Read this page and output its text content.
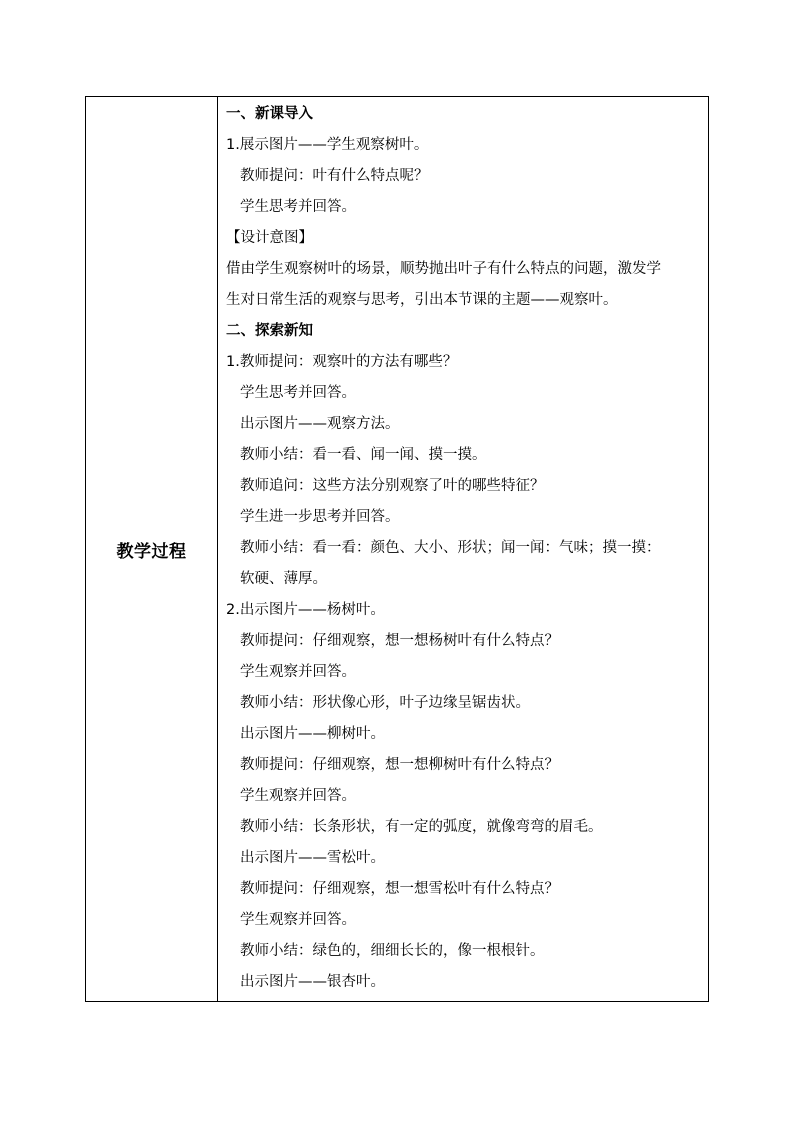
教学过程	
一、新课导入
1.展示图片——学生观察树叶。
教师提问：叶有什么特点呢？
学生思考并回答。
【设计意图】
借由学生观察树叶的场景，顺势抛出叶子有什么特点的问题，激发学
生对日常生活的观察与思考，引出本节课的主题——观察叶。
二、探索新知
1.教师提问：观察叶的方法有哪些？
学生思考并回答。
出示图片——观察方法。
教师小结：看一看、闻一闻、摸一摸。
教师追问：这些方法分别观察了叶的哪些特征？
学生进一步思考并回答。
教师小结：看一看：颜色、大小、形状；闻一闻：气味；摸一摸：
软硬、薄厚。
2.出示图片——杨树叶。
教师提问：仔细观察，想一想杨树叶有什么特点？
学生观察并回答。
教师小结：形状像心形，叶子边缘呈锯齿状。
出示图片——柳树叶。
教师提问：仔细观察，想一想柳树叶有什么特点？
学生观察并回答。
教师小结：长条形状，有一定的弧度，就像弯弯的眉毛。
出示图片——雪松叶。
教师提问：仔细观察，想一想雪松叶有什么特点？
学生观察并回答。
教师小结：绿色的，细细长长的，像一根根针。
出示图片——银杏叶。
